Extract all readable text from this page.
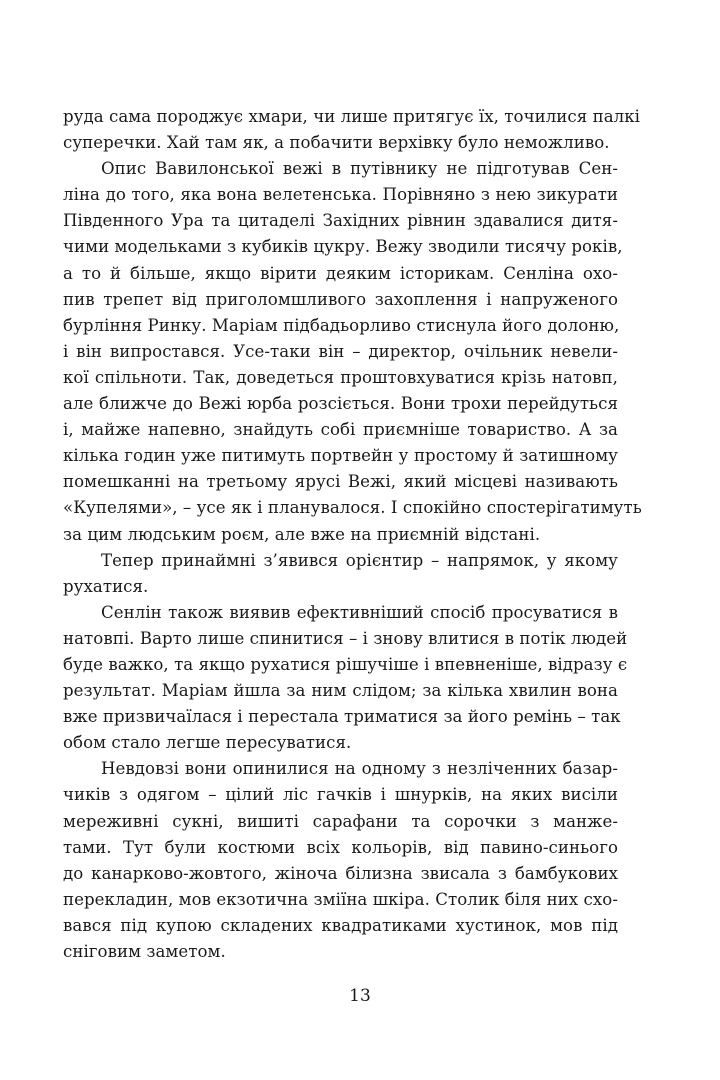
руда сама породжує хмари, чи лише притягує їх, точилися палкі
суперечки. Хай там як, а побачити верхівку було неможливо.
Опис Вавилонської вежі в путівнику не підготував Сен-
ліна до того, яка вона велетенська. Порівняно з нею зикурати
Південного Ура та цитаделі Західних рівнин здавалися дитя-
чими модельками з кубиків цукру. Вежу зводили тисячу років,
а то й більше, якщо вірити деяким історикам. Сенліна охо-
пив трепет від приголомшливого захоплення і напруженого
бурління Ринку. Маріам підбадьорливо стиснула його долоню,
і він випростався. Усе-таки він – директор, очільник невели-
кої спільноти. Так, доведеться проштовхуватися крізь натовп,
але ближче до Вежі юрба розсіється. Вони трохи перейдуться
і, майже напевно, знайдуть собі приємніше товариство. А за
кілька годин уже питимуть портвейн у простому й затишному
помешканні на третьому ярусі Вежі, який місцеві називають
«Купелями», – усе як і планувалося. І спокійно спостерігатимуть
за цим людським роєм, але вже на приємній відстані.
Тепер принаймні з’явився орієнтир – напрямок, у якому
рухатися.
Сенлін також виявив ефективніший спосіб просуватися в
натовпі. Варто лише спинитися – і знову влитися в потік людей
буде важко, та якщо рухатися рішучіше і впевненіше, відразу є
результат. Маріам йшла за ним слідом; за кілька хвилин вона
вже призвичаїлася і перестала триматися за його ремінь – так
обом стало легше пересуватися.
Невдовзі вони опинилися на одному з незліченних базар-
чиків з одягом – цілий ліс гачків і шнурків, на яких висіли
мереживні сукні, вишиті сарафани та сорочки з манже-
тами. Тут були костюми всіх кольорів, від павино-синього
до канарково-жовтого, жіноча білизна звисала з бамбукових
перекладин, мов екзотична зміїна шкіра. Столик біля них схо-
вався під купою складених квадратиками хустинок, мов під
сніговим заметом.
13
